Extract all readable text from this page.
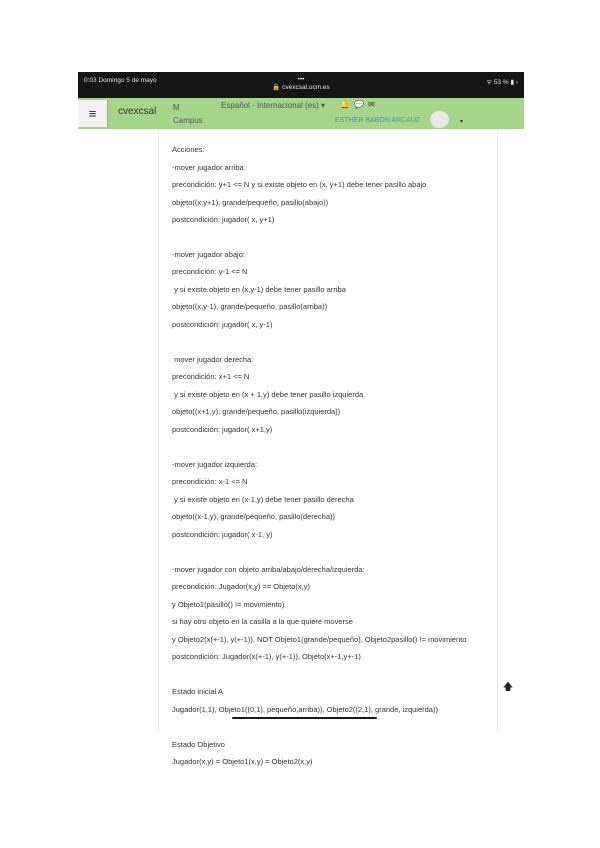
0:03 Domingo 5 de mayo	•••
🔒 cvexcsal.ucm.es
ᯤ 53 % ▮ ›
≡	cvexcsal M Campus
Español - Internacional (es) ▾ 🔔💬✉
ESTHER BABON ARCAUZ	▾

Acciones:

-mover jugador arriba:

precondición: y+1 <= N y si existe objeto en (x, y+1) debe tener pasillo abajo

objeto((x,y+1), grande/pequeño, pasillo(abajo))

postcondición: jugador( x, y+1)

-mover jugador abajo:

precondición: y-1 <= N

y si existe objeto en (x,y-1) debe tener pasillo arriba

objeto((x,y-1), grande/pequeño, pasillo(arriba))

postcondición: jugador( x, y-1)

mover jugador derecha:

precondición: x+1 <= N

y si existe objeto en (x + 1,y) debe tener pasillo izquierda

objeto((x+1,y), grande/pequeño, pasillo(izquierda))

postcondición: jugador( x+1,y)

-mover jugador izquierda:

precondición: x-1 <= N

y si existe objeto en (x-1,y) debe tener pasillo derecha

objeto((x-1,y), grande/pequeño, pasillo(derecha))

postcondición: jugador( x-1, y)

-mover jugador con objeto arriba/abajo/derecha/izquierda:

precondición: Jugador(x,y) == Objeto(x,y)

y Objeto1(pasillo() != movimiento)

si hay otro objeto en la casilla a la que quiere moverse

y Objeto2(x(+-1), y(+-1)), NOT Objeto1(grande/pequeño), Objeto2pasillo() != movimiento

postcondición: Jugador(x(+-1), y(+-1)), Objeto(x+-1,y+-1)

Estado inicial A

Jugador(1,1), Objeto1((0,1), pequeño,arriba)), Objeto2((2,1), grande, izquierda))

Estado Objetivo

Jugador(x,y) = Objeto1(x,y) = Objeto2(x,y)

🡅
